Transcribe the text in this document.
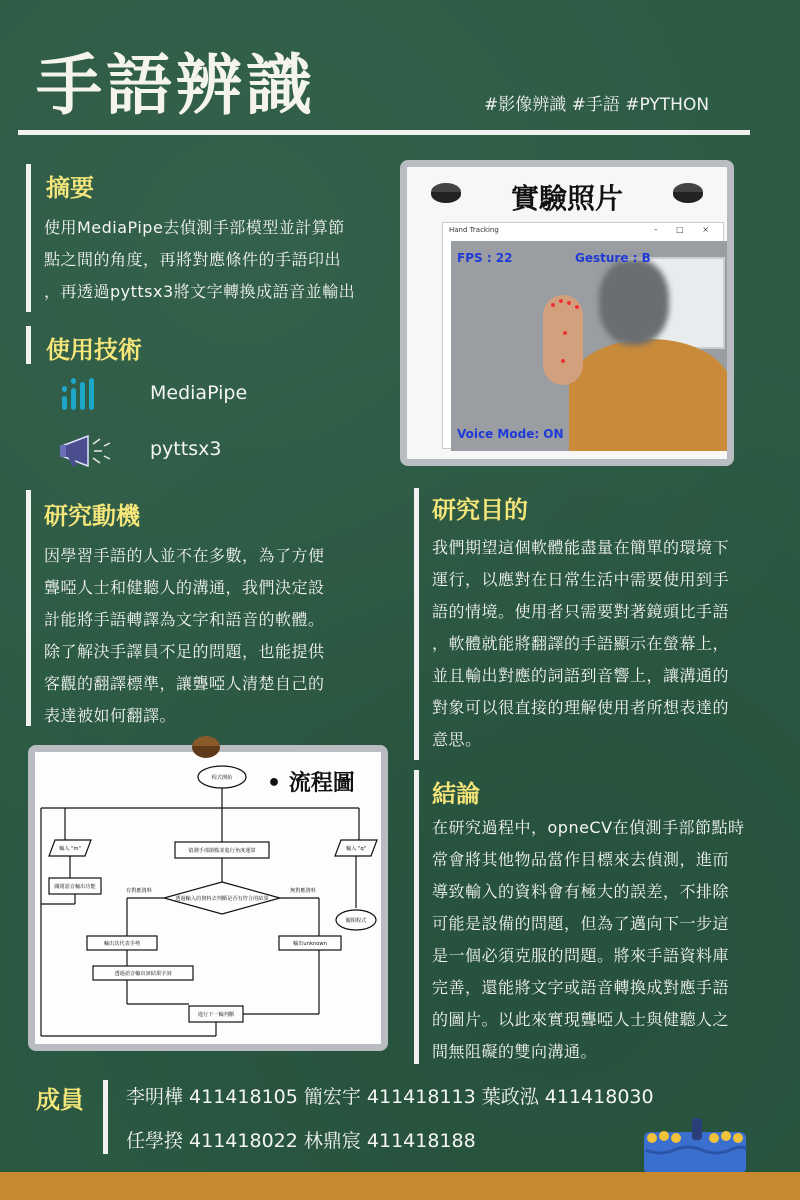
手語辨識	#影像辨識 #手語 #PYTHON
摘要
使用MediaPipe去偵測手部模型並計算節
點之間的角度，再將對應條件的手語印出
，再透過pyttsx3將文字轉換成語音並輸出
使用技術
MediaPipe
pyttsx3
實驗照片
Hand Tracking	– □ ×
FPS : 22	Gesture : B
Voice Mode: ON
研究動機
因學習手語的人並不在多數，為了方便
聾啞人士和健聽人的溝通，我們決定設
計能將手語轉譯為文字和語音的軟體。
除了解決手譯員不足的問題，也能提供
客觀的翻譯標準，讓聾啞人清楚自己的
表達被如何翻譯。
研究目的
我們期望這個軟體能盡量在簡單的環境下
運行，以應對在日常生活中需要使用到手
語的情境。使用者只需要對著鏡頭比手語
，軟體就能將翻譯的手語顯示在螢幕上，
並且輸出對應的詞語到音響上，讓溝通的
對象可以很直接的理解使用者所想表達的
意思。
• 流程圖
程式開始
偵測手部節點並進行角度運算
透過輸入的資料去判斷是否有符合的結果
有對應資料	無對應資料
輸出其代表手勢	輸出unknown
透過語音輸出該結果字詞
進行下一輪判斷
輸入 "m"
關閉語音輸出功能
輸入 "q"
關閉程式
結論
在研究過程中，opneCV在偵測手部節點時
常會將其他物品當作目標來去偵測，進而
導致輸入的資料會有極大的誤差，不排除
可能是設備的問題，但為了邁向下一步這
是一個必須克服的問題。將來手語資料庫
完善，還能將文字或語音轉換成對應手語
的圖片。以此來實現聾啞人士與健聽人之
間無阻礙的雙向溝通。
成員 李明樺 411418105 簡宏宇 411418113 葉政泓 411418030
任學揆 411418022 林鼎宸 411418188
